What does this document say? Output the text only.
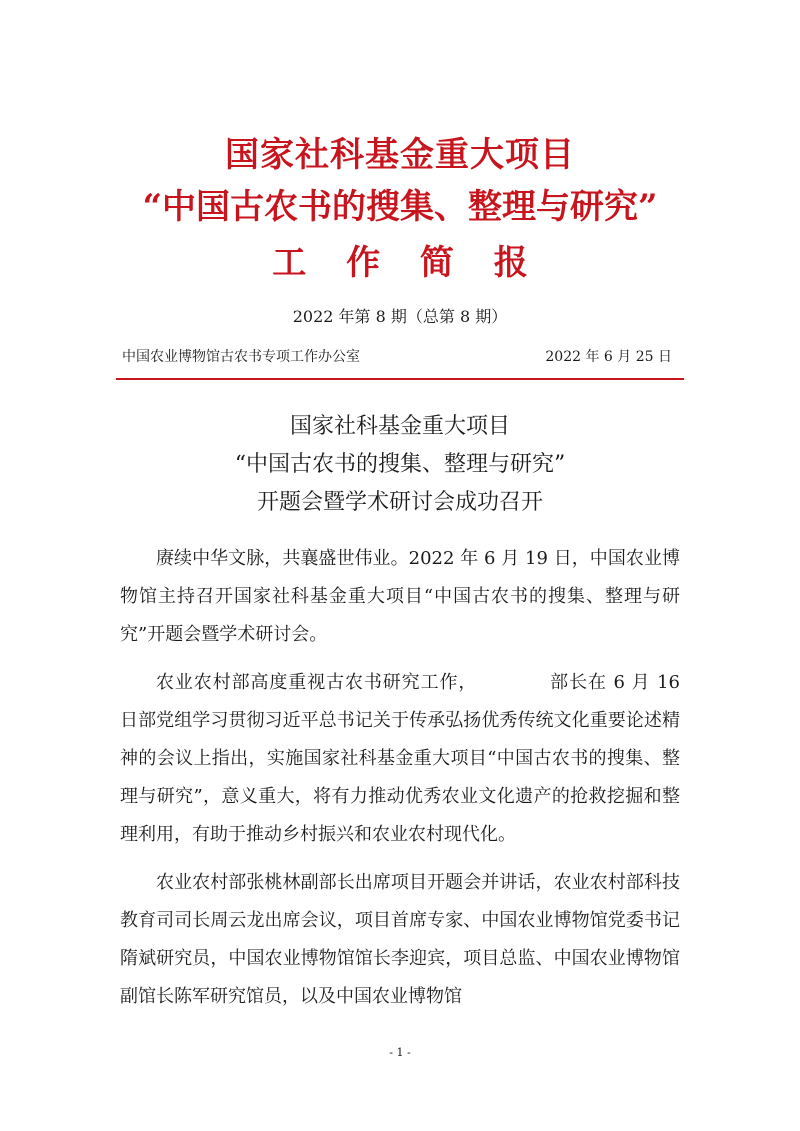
国家社科基金重大项目
“中国古农书的搜集、整理与研究”
工 作 简 报
2022 年第 8 期（总第 8 期）
中国农业博物馆古农书专项工作办公室	2022 年 6 月 25 日
国家社科基金重大项目
“中国古农书的搜集、整理与研究”
开题会暨学术研讨会成功召开

赓续中华文脉，共襄盛世伟业。2022 年 6 月 19 日，中国农业博物馆主持召开国家社科基金重大项目“中国古农书的搜集、整理与研究”开题会暨学术研讨会。

农业农村部高度重视古农书研究工作，	部长在 6 月 16 日部党组学习贯彻习近平总书记关于传承弘扬优秀传统文化重要论述精神的会议上指出，实施国家社科基金重大项目“中国古农书的搜集、整理与研究”，意义重大，将有力推动优秀农业文化遗产的抢救挖掘和整理利用，有助于推动乡村振兴和农业农村现代化。

农业农村部张桃林副部长出席项目开题会并讲话，农业农村部科技教育司司长周云龙出席会议，项目首席专家、中国农业博物馆党委书记隋斌研究员，中国农业博物馆馆长李迎宾，项目总监、中国农业博物馆副馆长陈军研究馆员，以及中国农业博物馆

- 1 -
